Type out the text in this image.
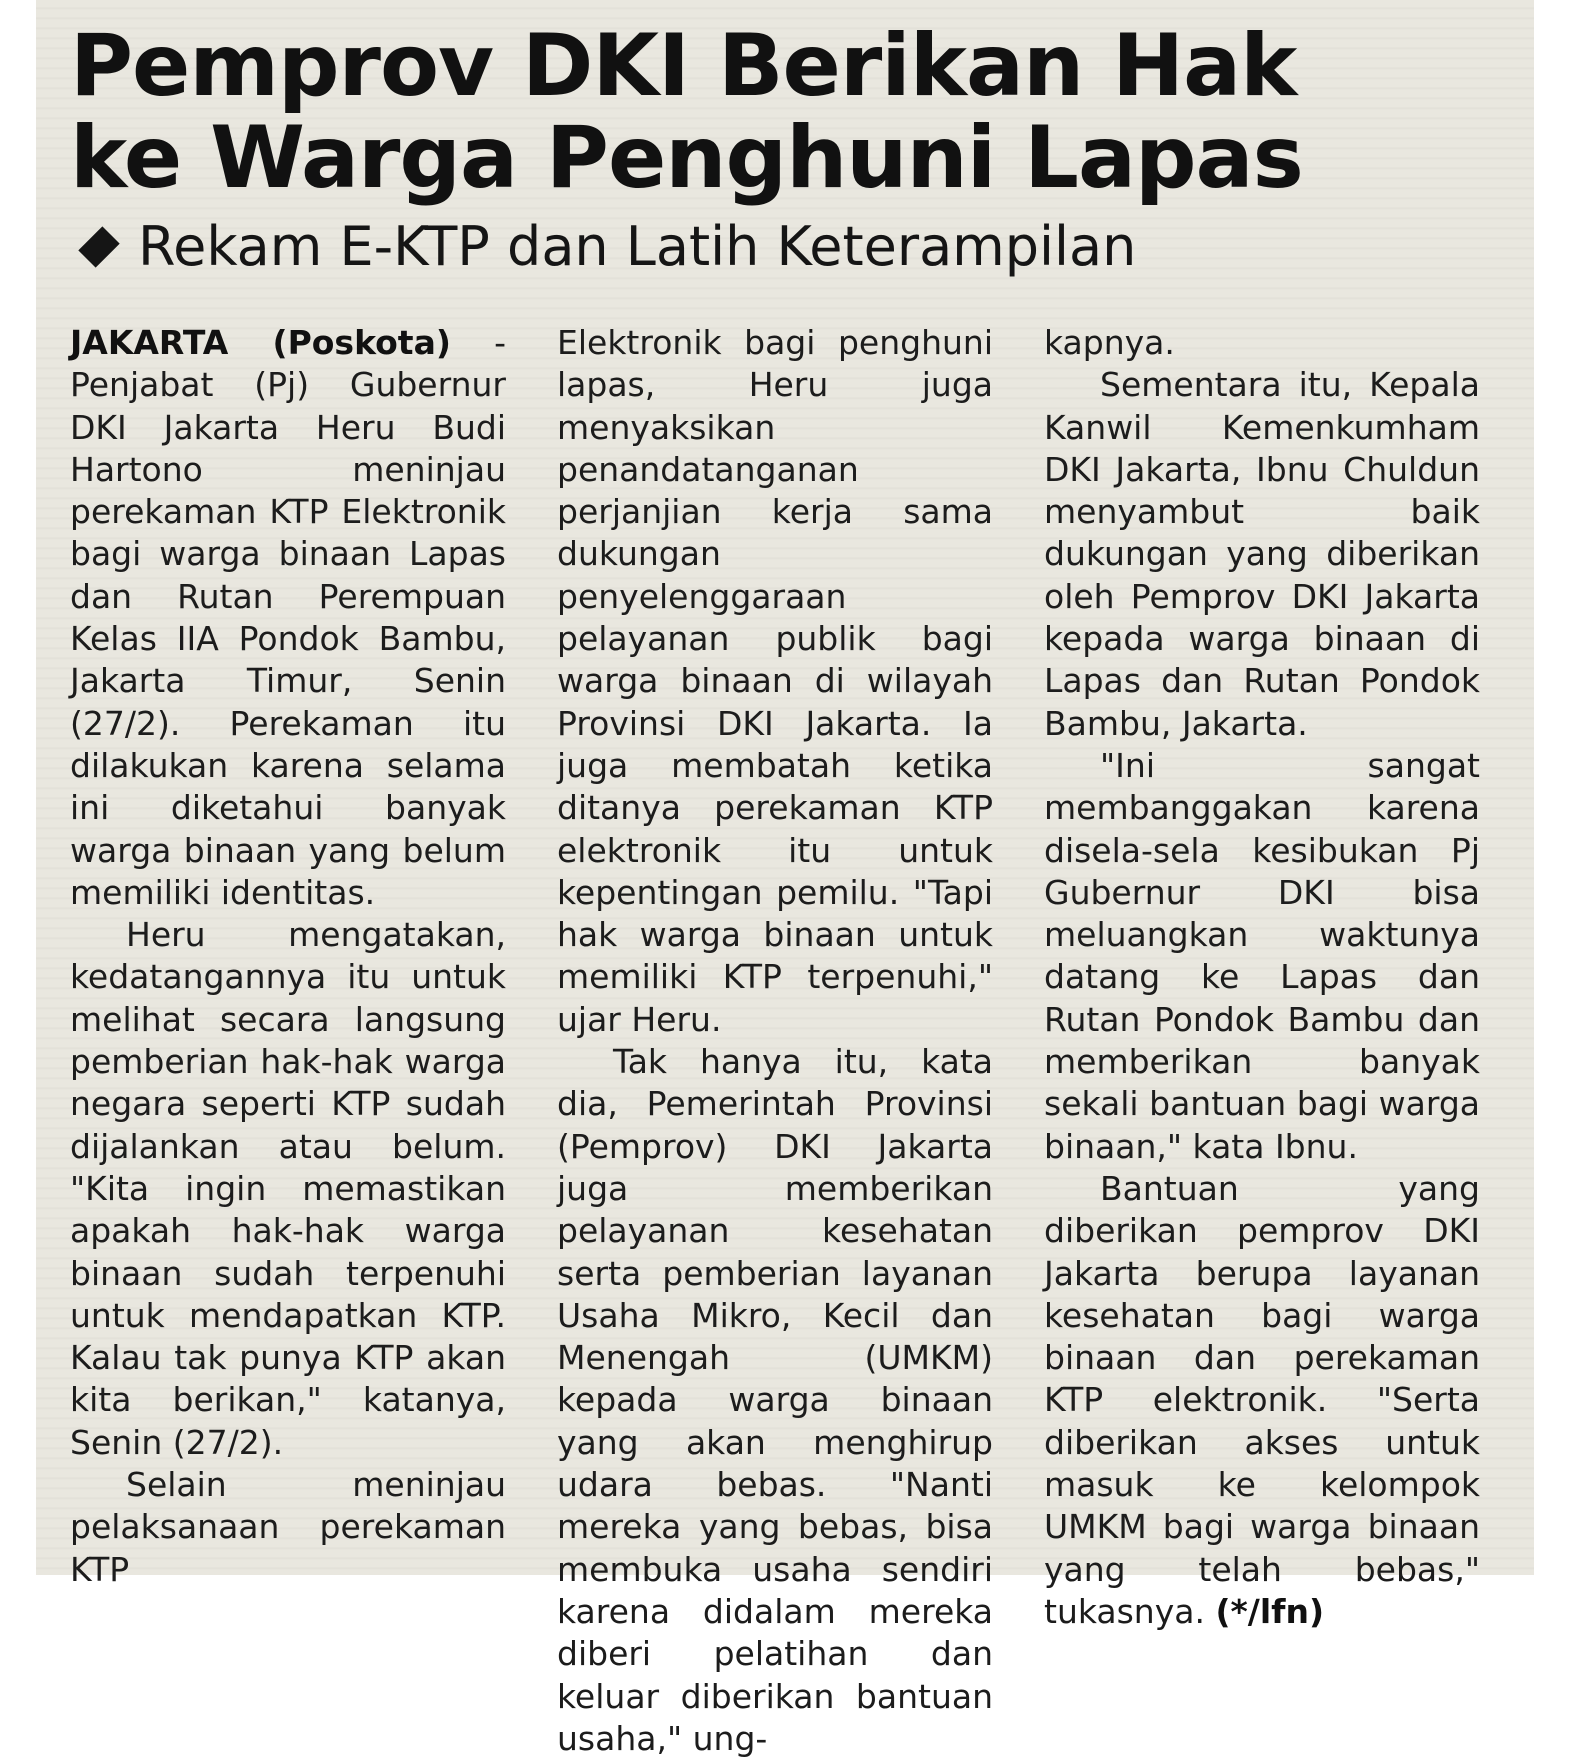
Pemprov DKI Berikan Hak
ke Warga Penghuni Lapas
Rekam E-KTP dan Latih Keterampilan

JAKARTA (Poskota) - Penjabat (Pj) Gubernur DKI Jakarta Heru Budi Hartono meninjau perekaman KTP Elektronik bagi warga binaan Lapas dan Rutan Perempuan Kelas IIA Pondok Bambu, Jakarta Timur, Senin (27/2). Perekaman itu dilakukan karena selama ini diketahui banyak warga binaan yang belum memiliki identitas.

Heru mengatakan, kedatangannya itu untuk melihat secara langsung pemberian hak-hak warga negara seperti KTP sudah dijalankan atau belum. "Kita ingin memastikan apakah hak-hak warga binaan sudah terpenuhi untuk mendapatkan KTP. Kalau tak punya KTP akan kita berikan," katanya, Senin (27/2).

Selain meninjau pelaksanaan perekaman KTP

Elektronik bagi penghuni lapas, Heru juga menyaksikan penandatanganan perjanjian kerja sama dukungan penyelenggaraan pelayanan publik bagi warga binaan di wilayah Provinsi DKI Jakarta. Ia juga membatah ketika ditanya perekaman KTP elektronik itu untuk kepentingan pemilu. "Tapi hak warga binaan untuk memiliki KTP terpenuhi," ujar Heru.

Tak hanya itu, kata dia, Pemerintah Provinsi (Pemprov) DKI Jakarta juga memberikan pelayanan kesehatan serta pemberian layanan Usaha Mikro, Kecil dan Menengah (UMKM) kepada warga binaan yang akan menghirup udara bebas. "Nanti mereka yang bebas, bisa membuka usaha sendiri karena didalam mereka diberi pelatihan dan keluar diberikan bantuan usaha," ung-

kapnya.

Sementara itu, Kepala Kanwil Kemenkumham DKI Jakarta, Ibnu Chuldun menyambut baik dukungan yang diberikan oleh Pemprov DKI Jakarta kepada warga binaan di Lapas dan Rutan Pondok Bambu, Jakarta.

"Ini sangat membanggakan karena disela-sela kesibukan Pj Gubernur DKI bisa meluangkan waktunya datang ke Lapas dan Rutan Pondok Bambu dan memberikan banyak sekali bantuan bagi warga binaan," kata Ibnu.

Bantuan yang diberikan pemprov DKI Jakarta berupa layanan kesehatan bagi warga binaan dan perekaman KTP elektronik. "Serta diberikan akses untuk masuk ke kelompok UMKM bagi warga binaan yang telah bebas," tukasnya. (*/lfn)
